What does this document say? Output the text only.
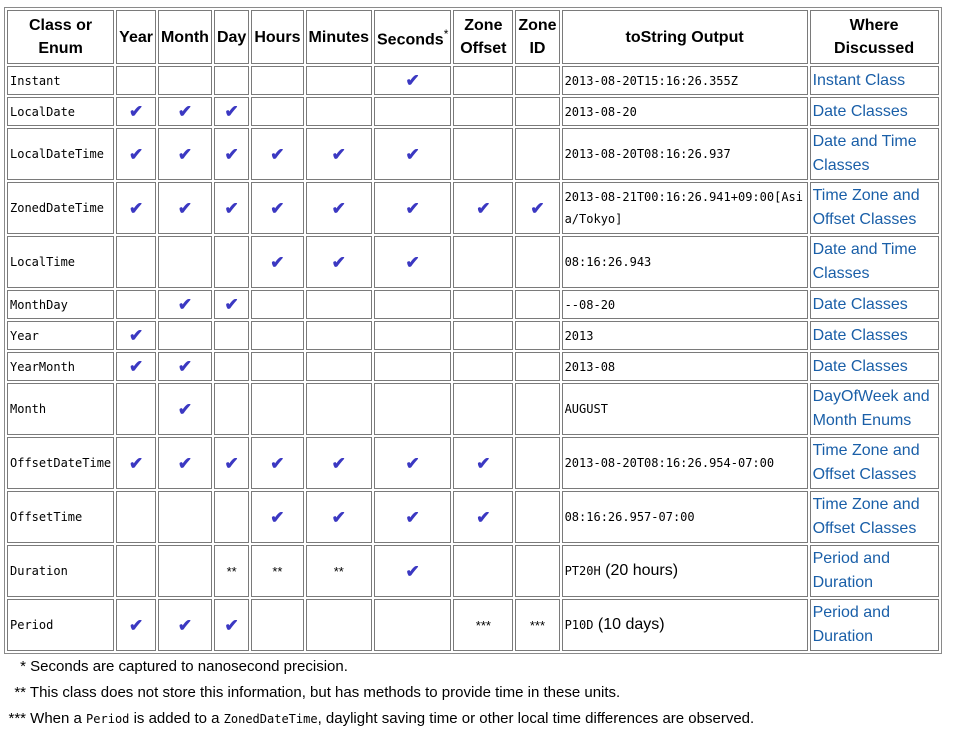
Class or Enum	Year	Month	Day	Hours	Minutes	Seconds*	Zone Offset	Zone ID	toString Output	Where Discussed
Instant						✔			2013-08-20T15:16:26.355Z	Instant Class
LocalDate	✔	✔	✔						2013-08-20	Date Classes
LocalDateTime	✔	✔	✔	✔	✔	✔			2013-08-20T08:16:26.937	Date and Time Classes
ZonedDateTime	✔	✔	✔	✔	✔	✔	✔	✔	2013-08-21T00:16:26.941+09:00[Asia/Tokyo]	Time Zone and Offset Classes
LocalTime				✔	✔	✔			08:16:26.943	Date and Time Classes
MonthDay		✔	✔						--08-20	Date Classes
Year	✔								2013	Date Classes
YearMonth	✔	✔							2013-08	Date Classes
Month		✔							AUGUST	DayOfWeek and Month Enums
OffsetDateTime	✔	✔	✔	✔	✔	✔	✔		2013-08-20T08:16:26.954-07:00	Time Zone and Offset Classes
OffsetTime				✔	✔	✔	✔		08:16:26.957-07:00	Time Zone and Offset Classes
Duration			**	**	**	✔			PT20H (20 hours)	Period and Duration
Period	✔	✔	✔				***	***	P10D (10 days)	Period and Duration
* Seconds are captured to nanosecond precision.
** This class does not store this information, but has methods to provide time in these units.
*** When a Period is added to a ZonedDateTime, daylight saving time or other local time differences are observed.
